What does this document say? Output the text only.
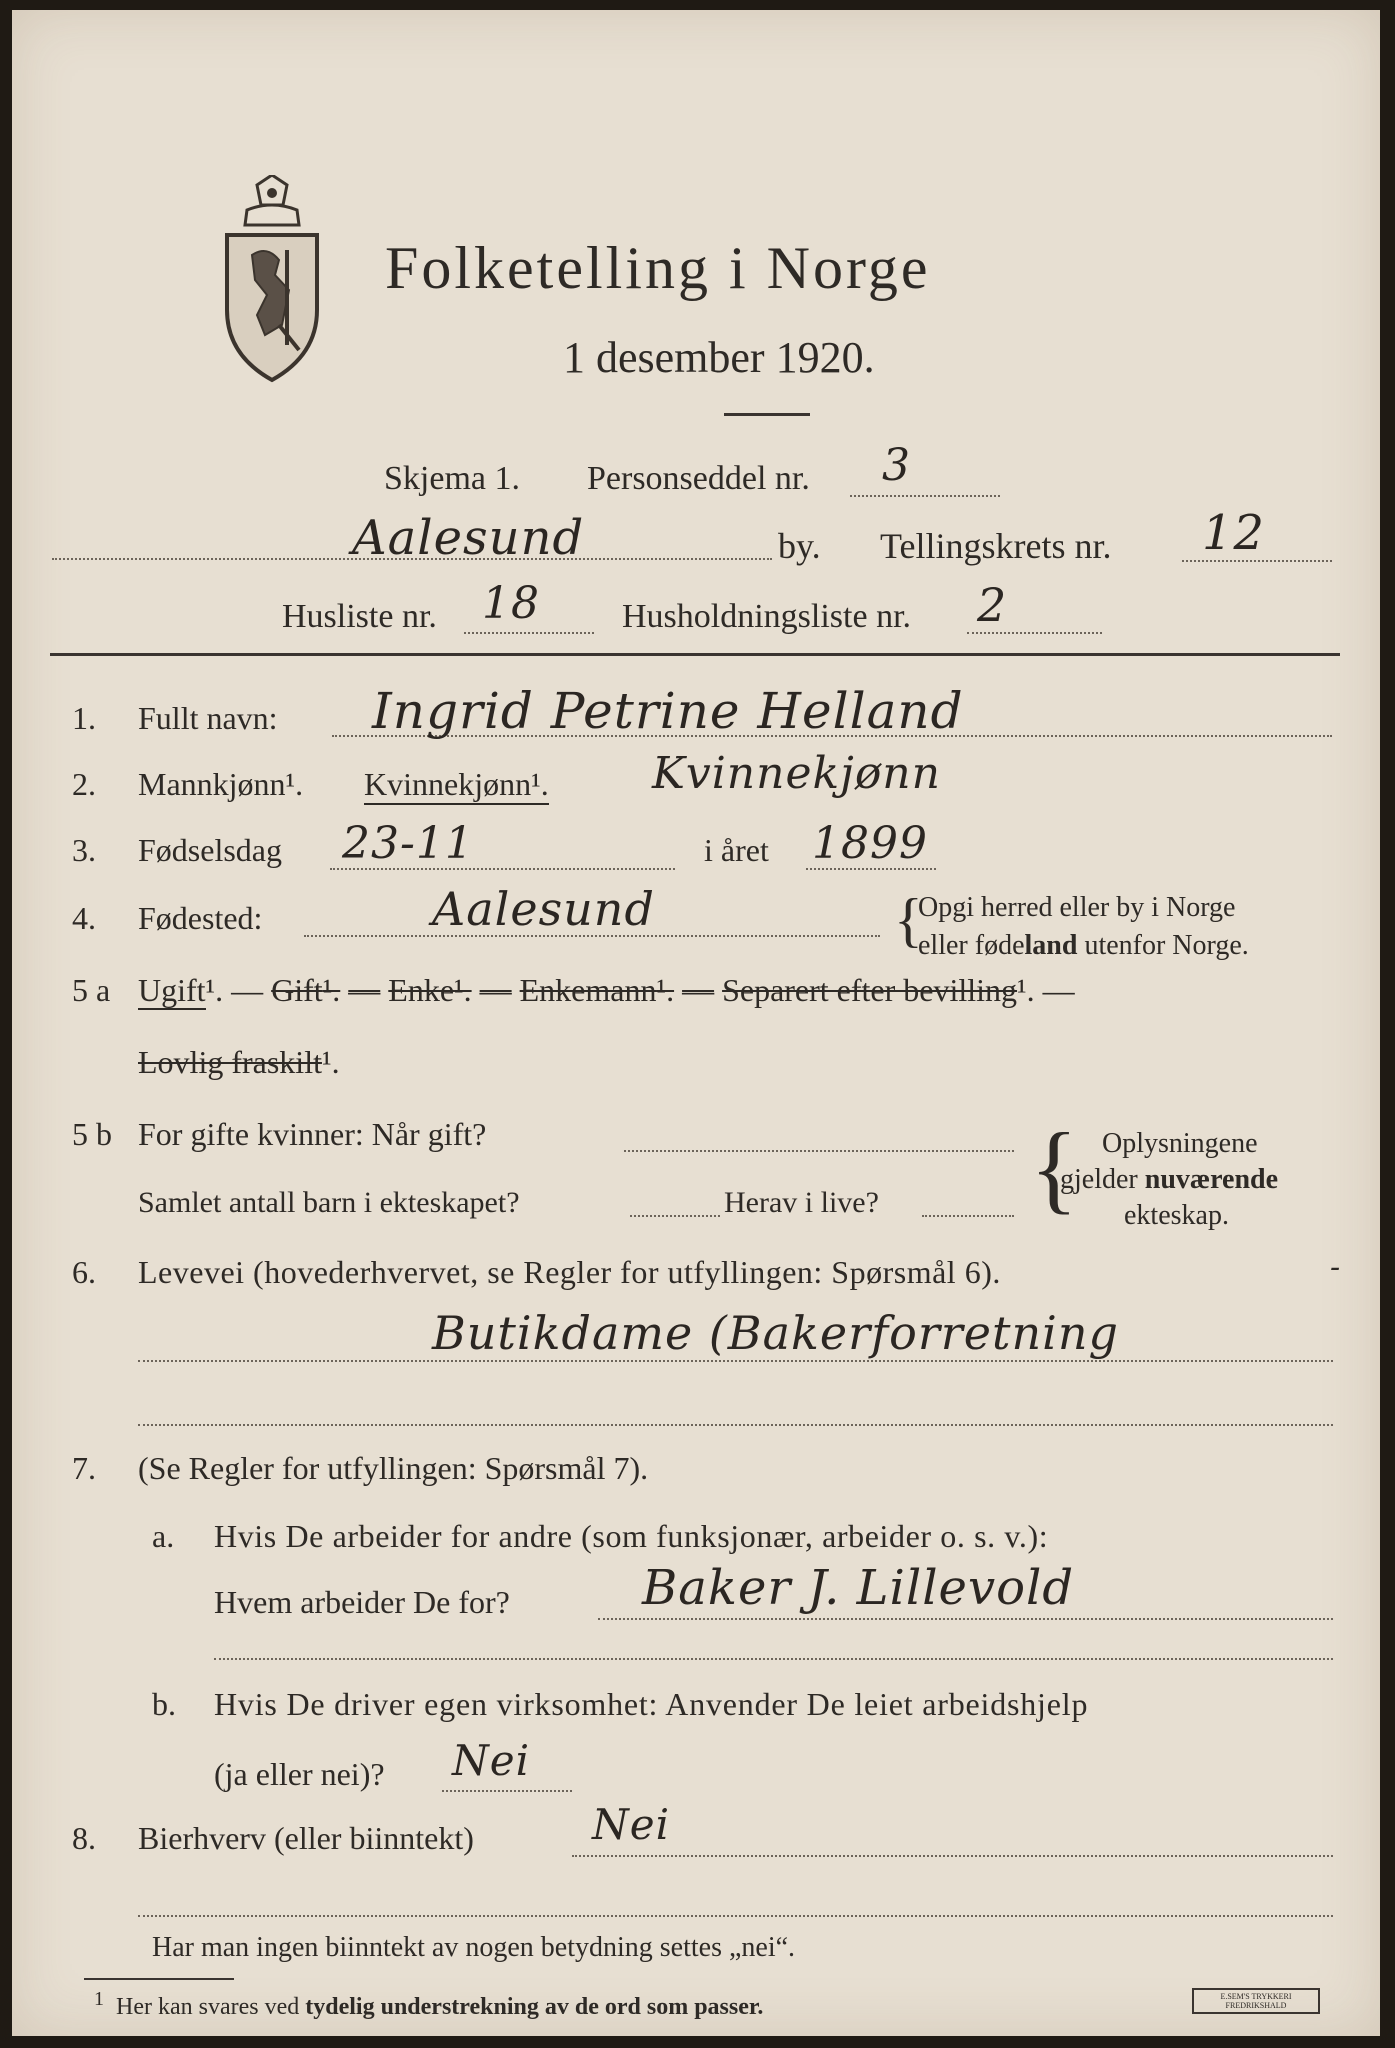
Folketelling i Norge
1 desember 1920.
Skjema 1. Personseddel nr. 3
Aalesund	by. Tellingskrets nr. 12
Husliste nr. 18 Husholdningsliste nr. 2
1. Fullt navn: Ingrid Petrine Helland
2. Mannkjønn¹. Kvinnekjønn¹. Kvinnekjønn
3. Fødselsdag 23-11	i året 1899
4. Fødested:	Aalesund	{
Opgi herred eller by i Norge
eller fødeland utenfor Norge.
5 a Ugift¹. — Gift¹. — Enke¹. — Enkemann¹. — Separert efter bevilling¹. —
Lovlig fraskilt¹.
5 b For gifte kvinner: Når gift?
Samlet antall barn i ekteskapet?	Herav i live? { Oplysningene
gjelder nuværende
ekteskap.
6. Levevei (hovederhvervet, se Regler for utfyllingen: Spørsmål 6).	-
Butikdame (Bakerforretning
7. (Se Regler for utfyllingen: Spørsmål 7).
a. Hvis De arbeider for andre (som funksjonær, arbeider o. s. v.):
Hvem arbeider De for?	Baker J. Lillevold
b. Hvis De driver egen virksomhet: Anvender De leiet arbeidshjelp
(ja eller nei)? Nei
8. Bierhverv (eller biinntekt)	Nei
Har man ingen biinntekt av nogen betydning settes „nei“.
$^1$ Her kan svares ved tydelig understrekning av de ord som passer.	E.SEM'S TRYKKERI FREDRIKSHALD
